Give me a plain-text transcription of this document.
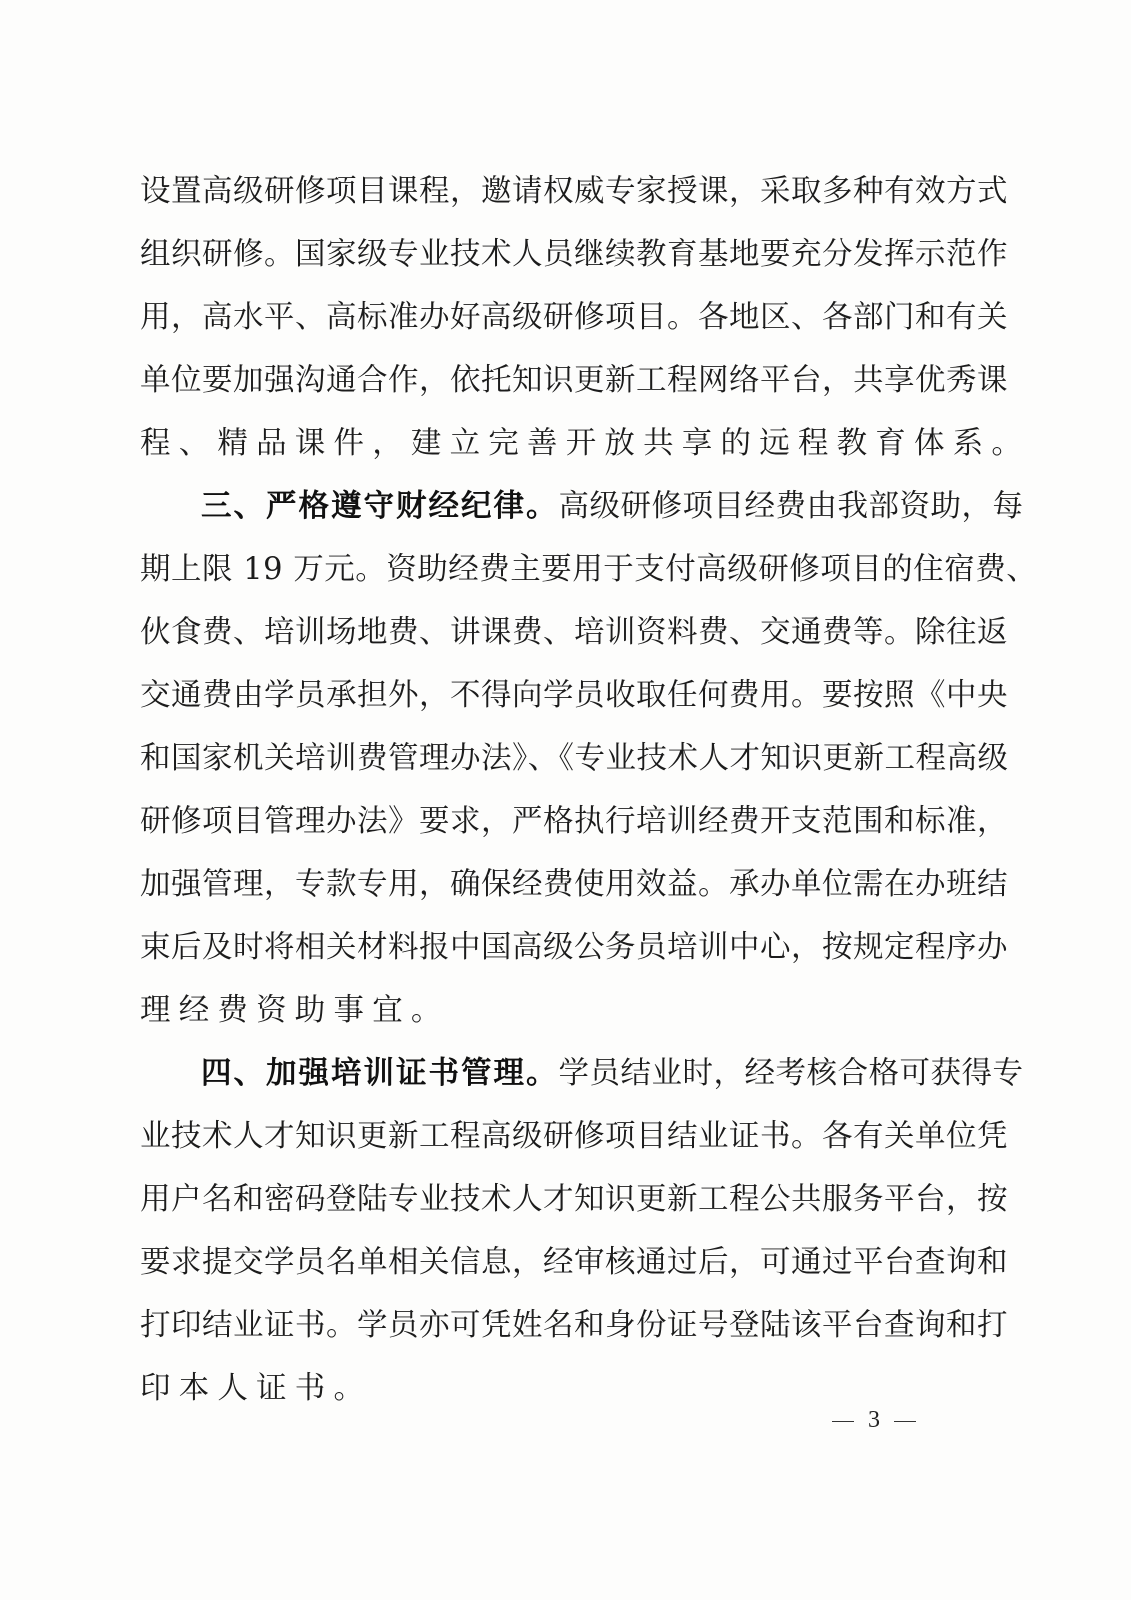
设置高级研修项目课程，邀请权威专家授课，采取多种有效方式
组织研修。国家级专业技术人员继续教育基地要充分发挥示范作
用，高水平、高标准办好高级研修项目。各地区、各部门和有关
单位要加强沟通合作，依托知识更新工程网络平台，共享优秀课
程、精品课件，建立完善开放共享的远程教育体系。
三、严格遵守财经纪律。高级研修项目经费由我部资助，每
期上限 19 万元。资助经费主要用于支付高级研修项目的住宿费、
伙食费、培训场地费、讲课费、培训资料费、交通费等。除往返
交通费由学员承担外，不得向学员收取任何费用。要按照《中央
和国家机关培训费管理办法》、《专业技术人才知识更新工程高级
研修项目管理办法》要求，严格执行培训经费开支范围和标准，
加强管理，专款专用，确保经费使用效益。承办单位需在办班结
束后及时将相关材料报中国高级公务员培训中心，按规定程序办
理经费资助事宜。
四、加强培训证书管理。学员结业时，经考核合格可获得专
业技术人才知识更新工程高级研修项目结业证书。各有关单位凭
用户名和密码登陆专业技术人才知识更新工程公共服务平台，按
要求提交学员名单相关信息，经审核通过后，可通过平台查询和
打印结业证书。学员亦可凭姓名和身份证号登陆该平台查询和打
印本人证书。
3
